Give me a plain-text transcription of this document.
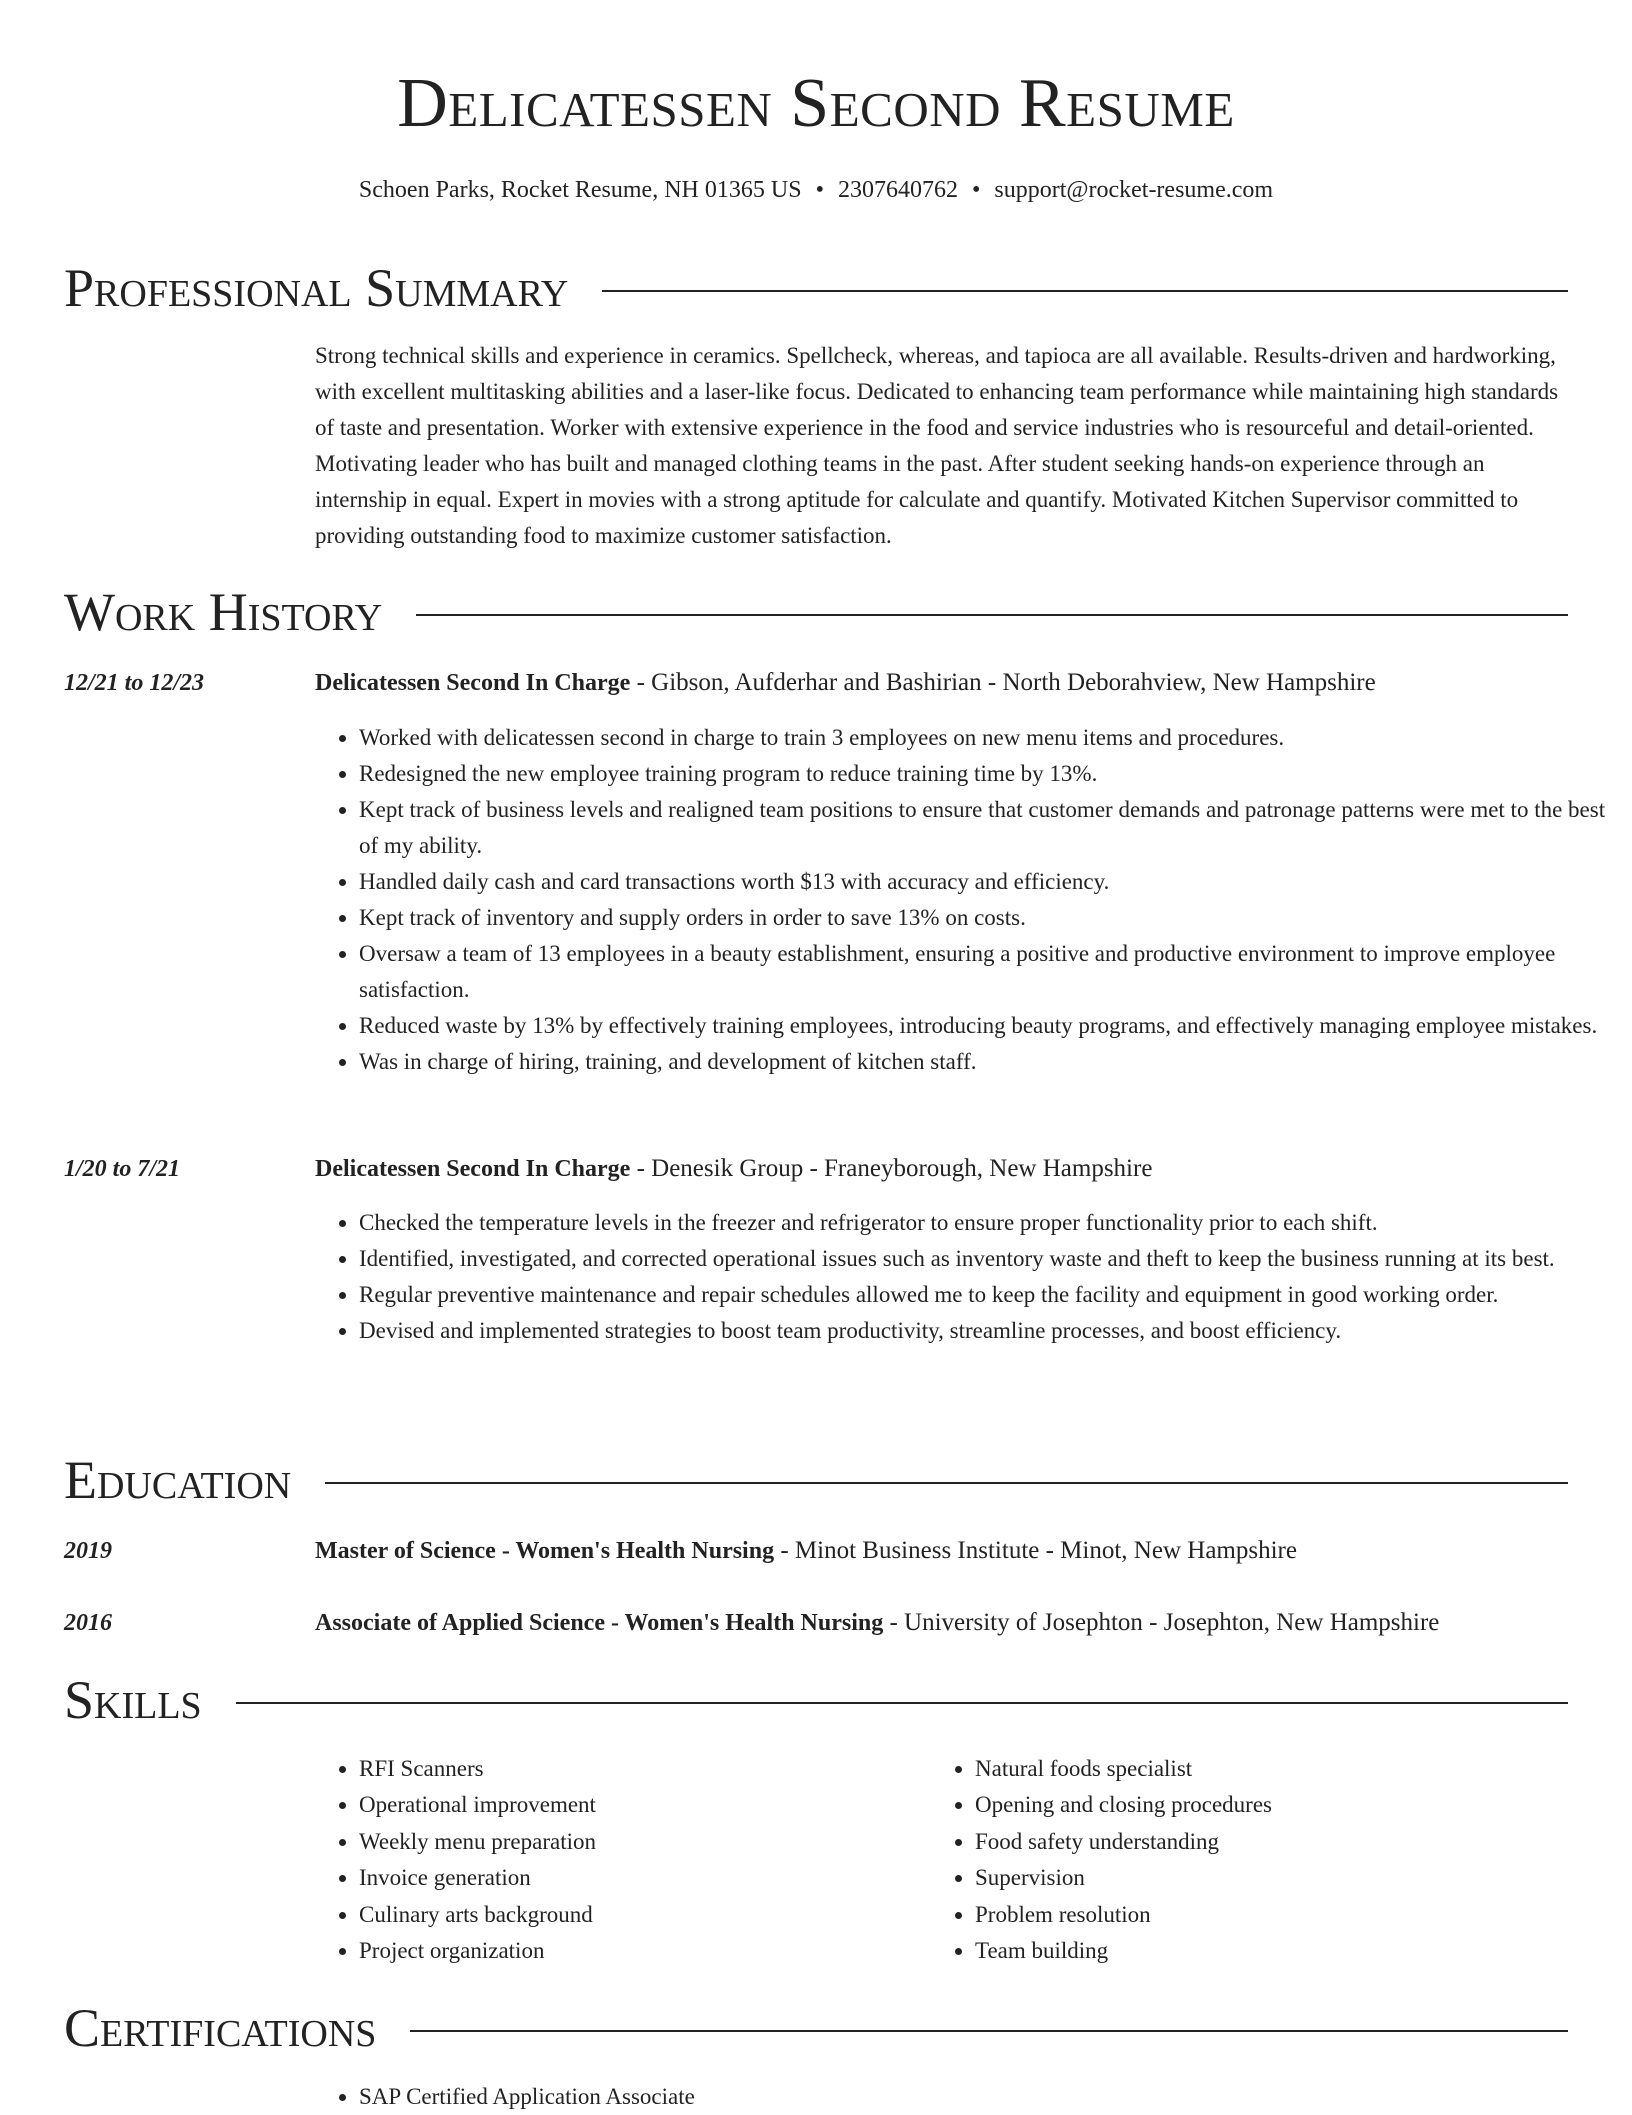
Delicatessen Second Resume
Schoen Parks, Rocket Resume, NH 01365 US • 2307640762 • support@rocket-resume.com
Professional Summary
Strong technical skills and experience in ceramics. Spellcheck, whereas, and tapioca are all available. Results-driven and hardworking, with excellent multitasking abilities and a laser-like focus. Dedicated to enhancing team performance while maintaining high standards of taste and presentation. Worker with extensive experience in the food and service industries who is resourceful and detail-oriented. Motivating leader who has built and managed clothing teams in the past. After student seeking hands-on experience through an internship in equal. Expert in movies with a strong aptitude for calculate and quantify. Motivated Kitchen Supervisor committed to providing outstanding food to maximize customer satisfaction.
Work History
12/21 to 12/23	Delicatessen Second In Charge - Gibson, Aufderhar and Bashirian - North Deborahview, New Hampshire
• Worked with delicatessen second in charge to train 3 employees on new menu items and procedures.
• Redesigned the new employee training program to reduce training time by 13%.
• Kept track of business levels and realigned team positions to ensure that customer demands and patronage patterns were met to the best of my ability.
• Handled daily cash and card transactions worth $13 with accuracy and efficiency.
• Kept track of inventory and supply orders in order to save 13% on costs.
• Oversaw a team of 13 employees in a beauty establishment, ensuring a positive and productive environment to improve employee satisfaction.
• Reduced waste by 13% by effectively training employees, introducing beauty programs, and effectively managing employee mistakes.
• Was in charge of hiring, training, and development of kitchen staff.
1/20 to 7/21	Delicatessen Second In Charge - Denesik Group - Franeyborough, New Hampshire
• Checked the temperature levels in the freezer and refrigerator to ensure proper functionality prior to each shift.
• Identified, investigated, and corrected operational issues such as inventory waste and theft to keep the business running at its best.
• Regular preventive maintenance and repair schedules allowed me to keep the facility and equipment in good working order.
• Devised and implemented strategies to boost team productivity, streamline processes, and boost efficiency.
Education
2019	Master of Science - Women's Health Nursing - Minot Business Institute - Minot, New Hampshire
2016	Associate of Applied Science - Women's Health Nursing - University of Josephton - Josephton, New Hampshire
Skills
• RFI Scanners
• Operational improvement
• Weekly menu preparation
• Invoice generation
• Culinary arts background
• Project organization
• Natural foods specialist
• Opening and closing procedures
• Food safety understanding
• Supervision
• Problem resolution
• Team building
Certifications
• SAP Certified Application Associate
